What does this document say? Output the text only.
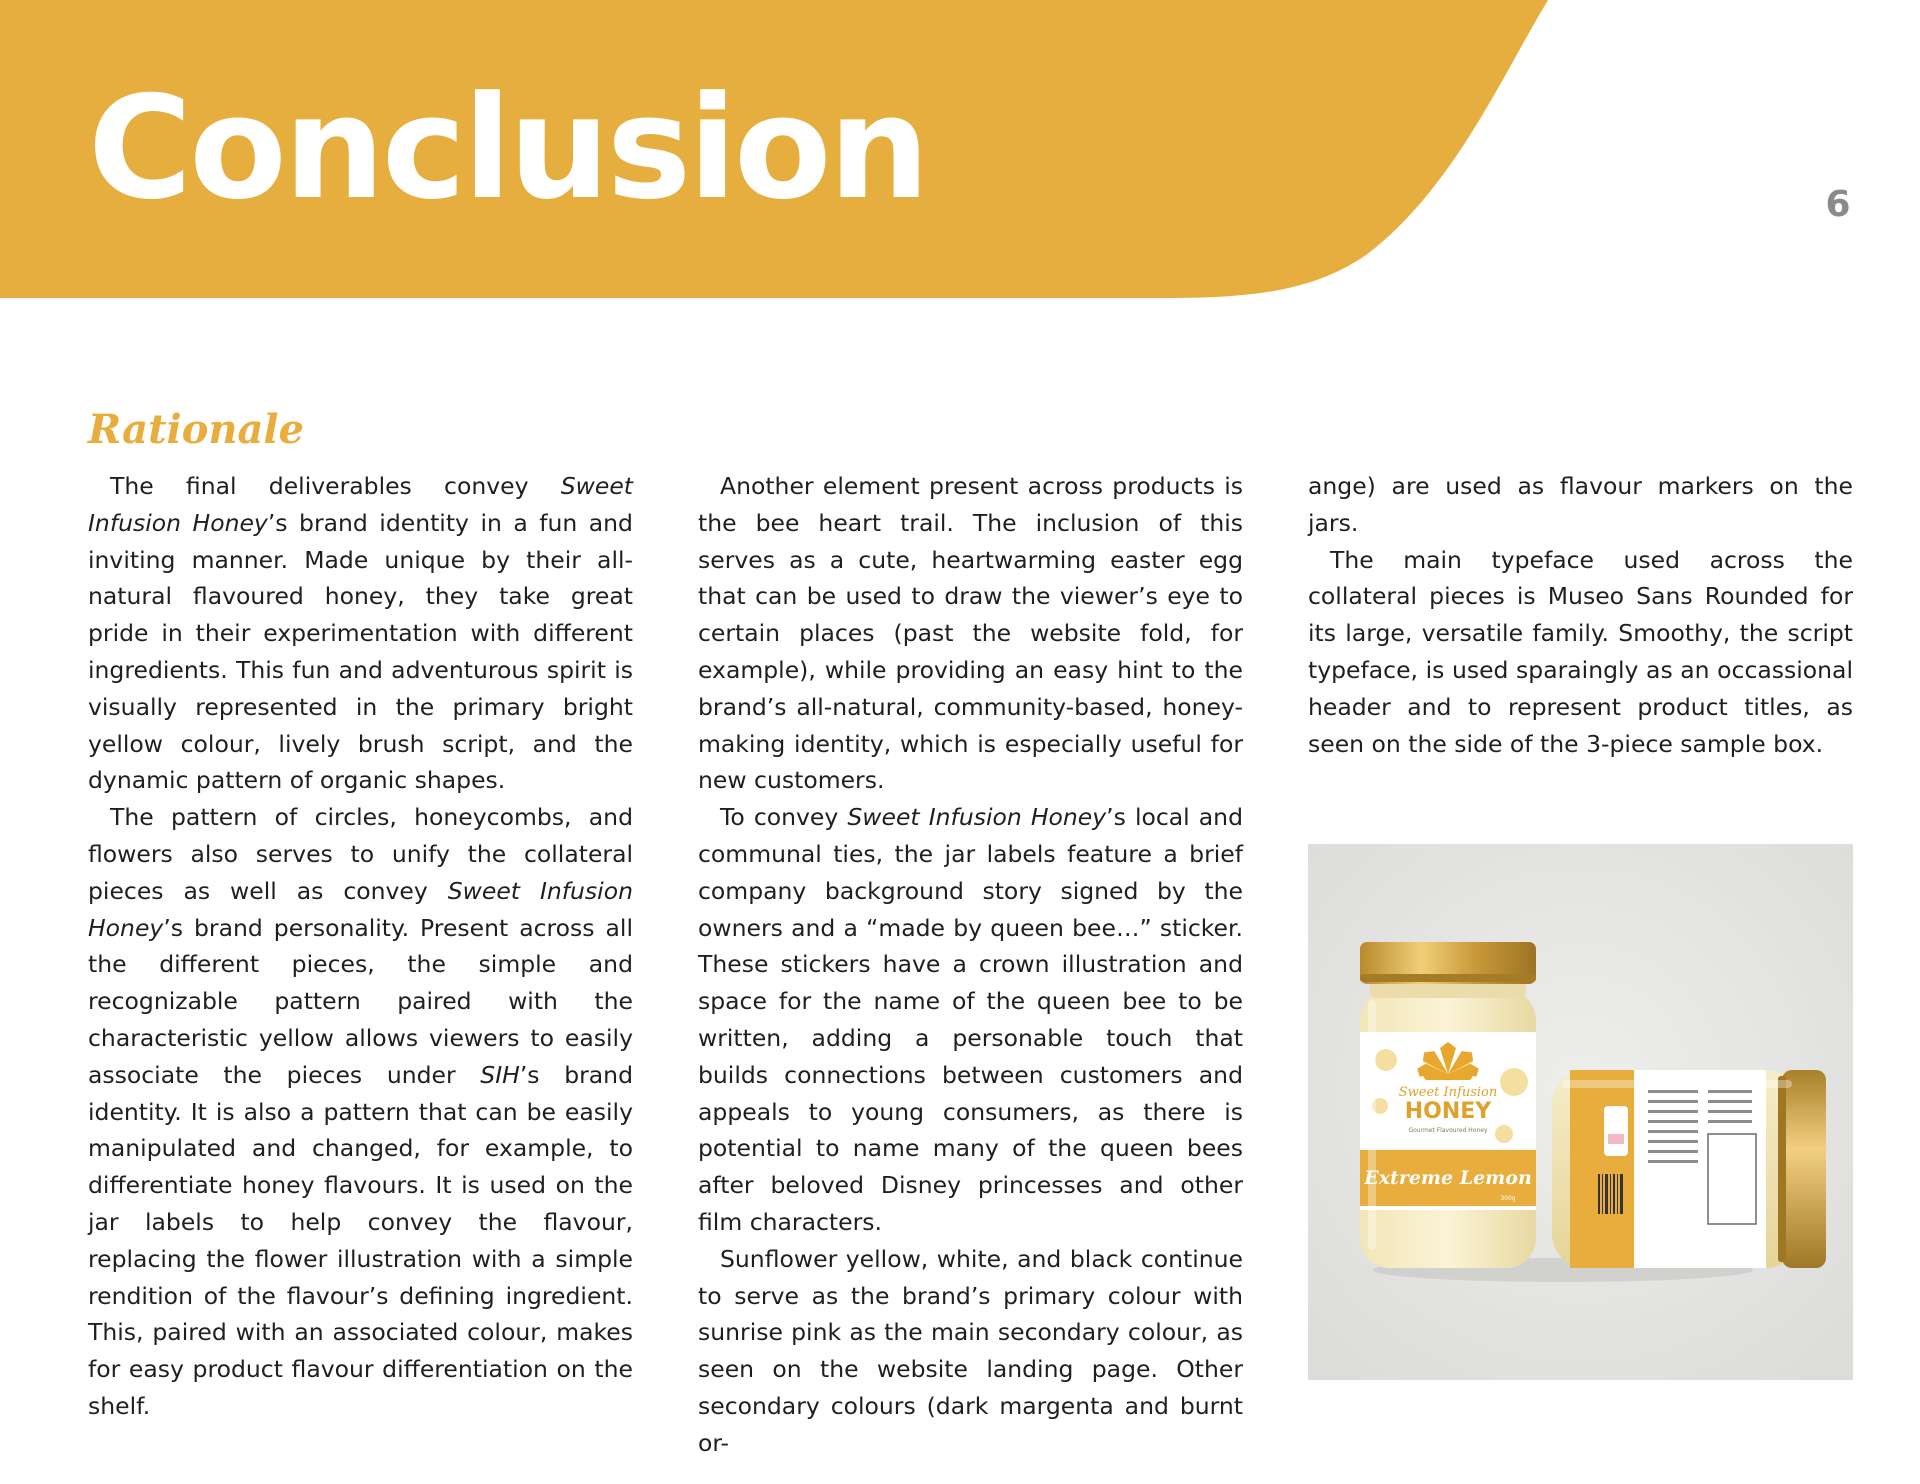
Conclusion	6
Rationale

The final deliverables convey Sweet Infusion Honey’s brand identity in a fun and inviting manner. Made unique by their all-natural flavoured honey, they take great pride in their experimentation with different ingredients. This fun and adventurous spirit is visually represented in the primary bright yellow colour, lively brush script, and the dynamic pattern of organic shapes.

The pattern of circles, honeycombs, and flowers also serves to unify the collateral pieces as well as convey Sweet Infusion Honey’s brand personality. Present across all the different pieces, the simple and recognizable pattern paired with the characteristic yellow allows viewers to easily associate the pieces under SIH’s brand identity. It is also a pattern that can be easily manipulated and changed, for example, to differentiate honey flavours. It is used on the jar labels to help convey the flavour, replacing the flower illustration with a simple rendition of the flavour’s defining ingredient. This, paired with an associated colour, makes for easy product flavour differentiation on the shelf.

Another element present across products is the bee heart trail. The inclusion of this serves as a cute, heartwarming easter egg that can be used to draw the viewer’s eye to certain places (past the website fold, for example), while providing an easy hint to the brand’s all-natural, community-based, honey-making identity, which is especially useful for new customers.

To convey Sweet Infusion Honey’s local and communal ties, the jar labels feature a brief company background story signed by the owners and a “made by queen bee…” sticker. These stickers have a crown illustration and space for the name of the queen bee to be written, adding a personable touch that builds connections between customers and appeals to young consumers, as there is potential to name many of the queen bees after beloved Disney princesses and other film characters.

Sunflower yellow, white, and black continue to serve as the brand’s primary colour with sunrise pink as the main secondary colour, as seen on the website landing page. Other secondary colours (dark margenta and burnt or-

ange) are used as flavour markers on the jars.

The main typeface used across the collateral pieces is Museo Sans Rounded for its large, versatile family. Smoothy, the script typeface, is used sparaingly as an occassional header and to represent product titles, as seen on the side of the 3-piece sample box.

Sweet Infusion
HONEY
Gourmet Flavoured Honey
Extreme Lemon
300g
